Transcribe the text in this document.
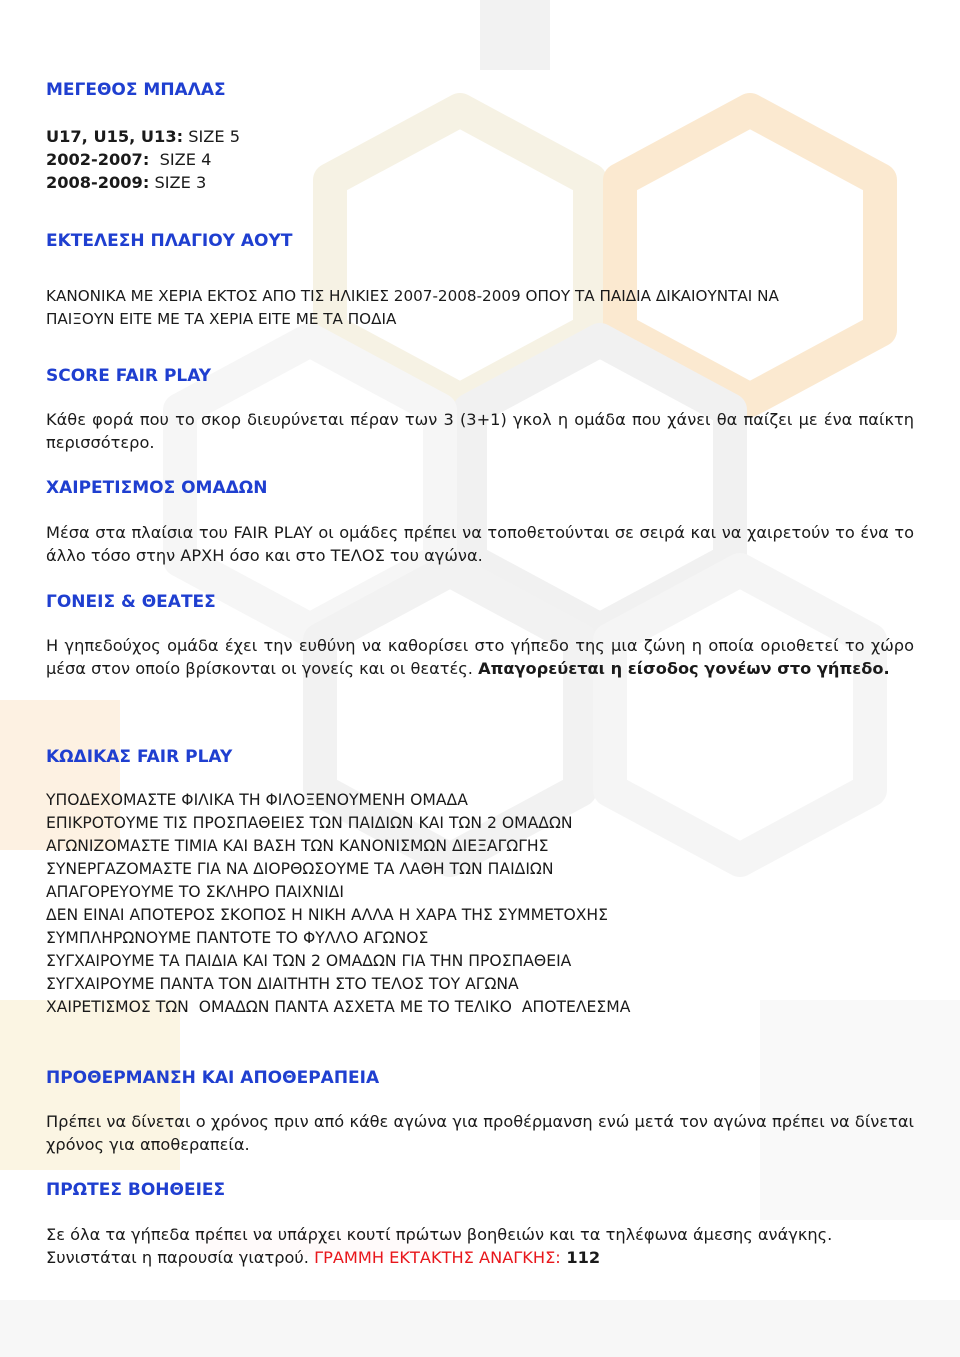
ΜΕΓΕΘΟΣ ΜΠΑΛΑΣ
U17, U15, U13: SIZE 5
2002-2007:  SIZE 4
2008-2009: SIZE 3
ΕΚΤΕΛΕΣΗ ΠΛΑΓΙΟΥ ΑΟΥΤ
ΚΑΝΟΝΙΚΑ ΜΕ ΧΕΡΙΑ ΕΚΤΟΣ ΑΠΟ ΤΙΣ ΗΛΙΚΙΕΣ 2007-2008-2009 ΟΠΟΥ ΤΑ ΠΑΙΔΙΑ ΔΙΚΑΙΟΥΝΤΑΙ ΝΑ
ΠΑΙΞΟΥΝ ΕΙΤΕ ΜΕ ΤΑ ΧΕΡΙΑ ΕΙΤΕ ΜΕ ΤΑ ΠΟΔΙΑ
SCORE FAIR PLAY
Κάθε φορά που το σκορ διευρύνεται πέραν των 3 (3+1) γκολ η ομάδα που χάνει θα παίζει με ένα παίκτη περισσότερο.
ΧΑΙΡΕΤΙΣΜΟΣ ΟΜΑΔΩΝ
Μέσα στα πλαίσια του FAIR PLAY οι ομάδες πρέπει να τοποθετούνται σε σειρά και να χαιρετούν το ένα το άλλο τόσο στην ΑΡΧΗ όσο και στο ΤΕΛΟΣ του αγώνα.
ΓΟΝΕΙΣ & ΘΕΑΤΕΣ
Η γηπεδούχος ομάδα έχει την ευθύνη να καθορίσει στο γήπεδο της μια ζώνη η οποία οριοθετεί το χώρο μέσα στον οποίο βρίσκονται οι γονείς και οι θεατές. Απαγορεύεται η είσοδος γονέων στο γήπεδο.
ΚΩΔΙΚΑΣ FAIR PLAY
ΥΠΟΔΕΧΟΜΑΣΤΕ ΦΙΛΙΚΑ ΤΗ ΦΙΛΟΞΕΝΟΥΜΕΝΗ ΟΜΑΔΑ
ΕΠΙΚΡΟΤΟΥΜΕ ΤΙΣ ΠΡΟΣΠΑΘΕΙΕΣ ΤΩΝ ΠΑΙΔΙΩΝ ΚΑΙ ΤΩΝ 2 ΟΜΑΔΩΝ
ΑΓΩΝΙΖΟΜΑΣΤΕ ΤΙΜΙΑ ΚΑΙ ΒΑΣΗ ΤΩΝ ΚΑΝΟΝΙΣΜΩΝ ΔΙΕΞΑΓΩΓΗΣ
ΣΥΝΕΡΓΑΖΟΜΑΣΤΕ ΓΙΑ ΝΑ ΔΙΟΡΘΩΣΟΥΜΕ ΤΑ ΛΑΘΗ ΤΩΝ ΠΑΙΔΙΩΝ
ΑΠΑΓΟΡΕΥΟΥΜΕ ΤΟ ΣΚΛΗΡΟ ΠΑΙΧΝΙΔΙ
ΔΕΝ ΕΙΝΑΙ ΑΠΟΤΕΡΟΣ ΣΚΟΠΟΣ Η ΝΙΚΗ ΑΛΛΑ Η ΧΑΡΑ ΤΗΣ ΣΥΜΜΕΤΟΧΗΣ
ΣΥΜΠΛΗΡΩΝΟΥΜΕ ΠΑΝΤΟΤΕ ΤΟ ΦΥΛΛΟ ΑΓΩΝΟΣ
ΣΥΓΧΑΙΡΟΥΜΕ ΤΑ ΠΑΙΔΙΑ ΚΑΙ ΤΩΝ 2 ΟΜΑΔΩΝ ΓΙΑ ΤΗΝ ΠΡΟΣΠΑΘΕΙΑ
ΣΥΓΧΑΙΡΟΥΜΕ ΠΑΝΤΑ ΤΟΝ ΔΙΑΙΤΗΤΗ ΣΤΟ ΤΕΛΟΣ ΤΟΥ ΑΓΩΝΑ
ΧΑΙΡΕΤΙΣΜΟΣ ΤΩΝ  ΟΜΑΔΩΝ ΠΑΝΤΑ ΑΣΧΕΤΑ ΜΕ ΤΟ ΤΕΛΙΚΟ  ΑΠΟΤΕΛΕΣΜΑ
ΠΡΟΘΕΡΜΑΝΣΗ ΚΑΙ ΑΠΟΘΕΡΑΠΕΙΑ
Πρέπει να δίνεται ο χρόνος πριν από κάθε αγώνα για προθέρμανση ενώ μετά τον αγώνα πρέπει να δίνεται χρόνος για αποθεραπεία.
ΠΡΩΤΕΣ ΒΟΗΘΕΙΕΣ
Σε όλα τα γήπεδα πρέπει να υπάρχει κουτί πρώτων βοηθειών και τα τηλέφωνα άμεσης ανάγκης.
Συνιστάται η παρουσία γιατρού. ΓΡΑΜΜΗ ΕΚΤΑΚΤΗΣ ΑΝΑΓΚΗΣ: 112
